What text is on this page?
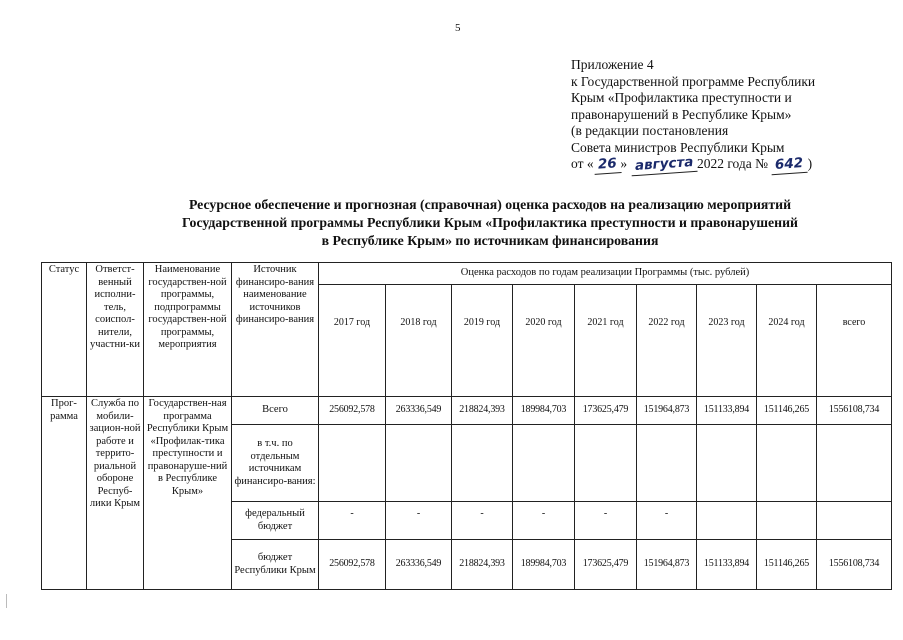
5
Приложение 4
к Государственной программе Республики
Крым «Профилактика преступности и
правонарушений в Республике Крым»
(в редакции постановления
Совета министров Республики Крым
от « 26 » августа 2022 года № 642 )
Ресурсное обеспечение и прогнозная (справочная) оценка расходов на реализацию мероприятий
Государственной программы Республики Крым «Профилактика преступности и правонарушений
в Республике Крым» по источникам финансирования
Статус	Ответст- венный исполни-тель, соиспол-нители, участни-ки	Наименование государствен-ной программы, подпрограммы государствен-ной программы, мероприятия	Источник финансиро-вания наименование источников финансиро-вания	Оценка расходов по годам реализации Программы (тыс. рублей)								
				2017 год	2018 год	2019 год	2020 год	2021 год	2022 год	2023 год	2024 год	всего
Прог-рамма	Служба по мобили-зацион-ной работе и террито-риальной обороне Респуб-лики Крым	Государствен-ная программа Республики Крым «Профилак-тика преступности и правонаруше-ний в Республике Крым»	Всего	256092,578	263336,549	218824,393	189984,703	173625,479	151964,873	151133,894	151146,265	1556108,734
			в т.ч. по отдельным источникам финансиро-вания:									
			федеральный бюджет	-	-	-	-	-	-			
			бюджет Республики Крым	256092,578	263336,549	218824,393	189984,703	173625,479	151964,873	151133,894	151146,265	1556108,734
